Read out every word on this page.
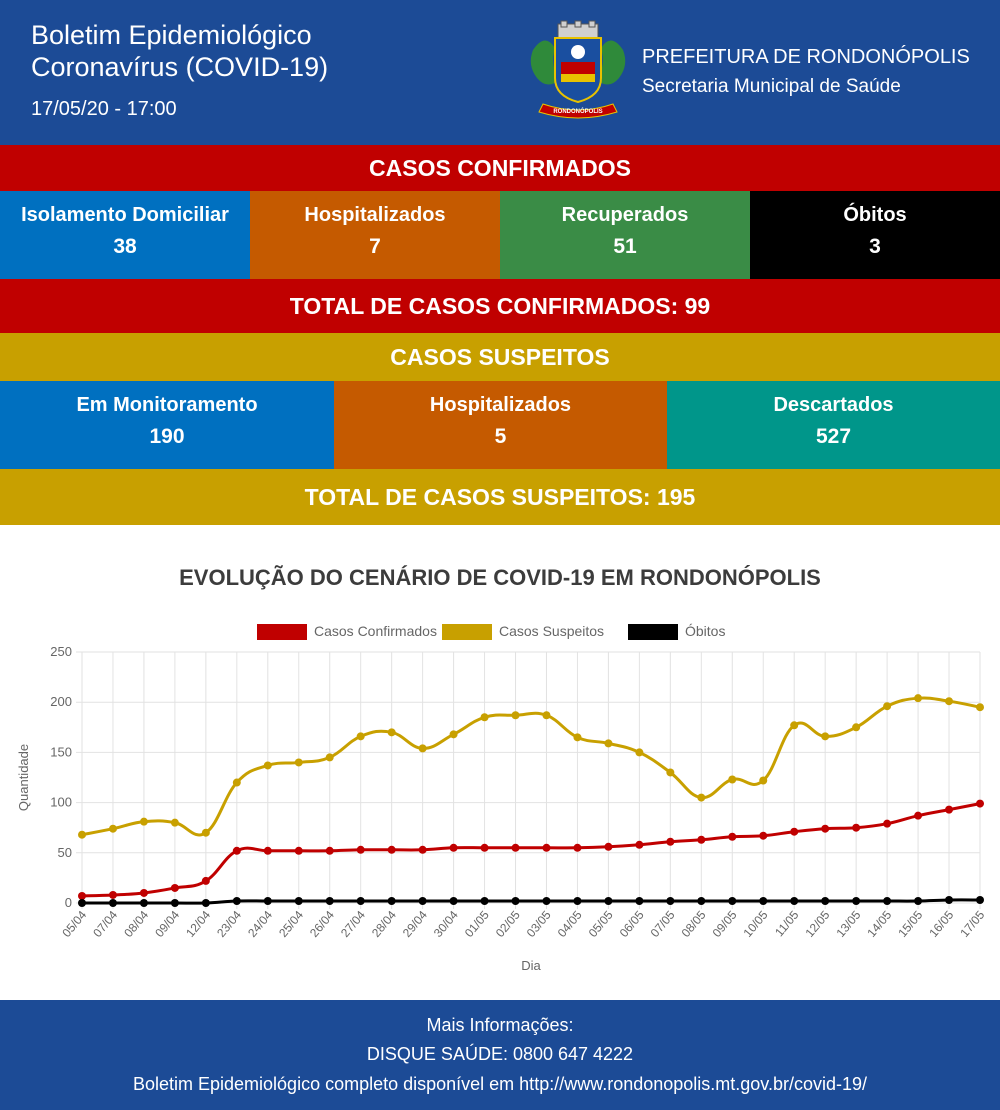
Boletim Epidemiológico
Coronavírus (COVID-19)
17/05/20 - 17:00	RONDONÓPOLIS
PREFEITURA DE RONDONÓPOLIS
Secretaria Municipal de Saúde
CASOS CONFIRMADOS
Isolamento Domiciliar
38
Hospitalizados
7
Recuperados
51
Óbitos
3
TOTAL DE CASOS CONFIRMADOS: 99
CASOS SUSPEITOS
Em Monitoramento
190
Hospitalizados
5
Descartados
527
TOTAL DE CASOS SUSPEITOS: 195
EVOLUÇÃO DO CENÁRIO DE COVID-19 EM RONDONÓPOLIS
0
50
100
150
200
250
05/04 07/04 08/04 09/04 12/04 23/04 24/04 25/04 26/04 27/04 28/04 29/04 30/04 01/05 02/05 03/05 04/05 05/05 06/05 07/05 08/05 09/05 10/05 11/05 12/05 13/05 14/05 15/05 16/05 17/05
Dia
Quantidade
Casos Confirmados	Casos Suspeitos	Óbitos
Mais Informações:
DISQUE SAÚDE: 0800 647 4222
Boletim Epidemiológico completo disponível em http://www.rondonopolis.mt.gov.br/covid-19/
